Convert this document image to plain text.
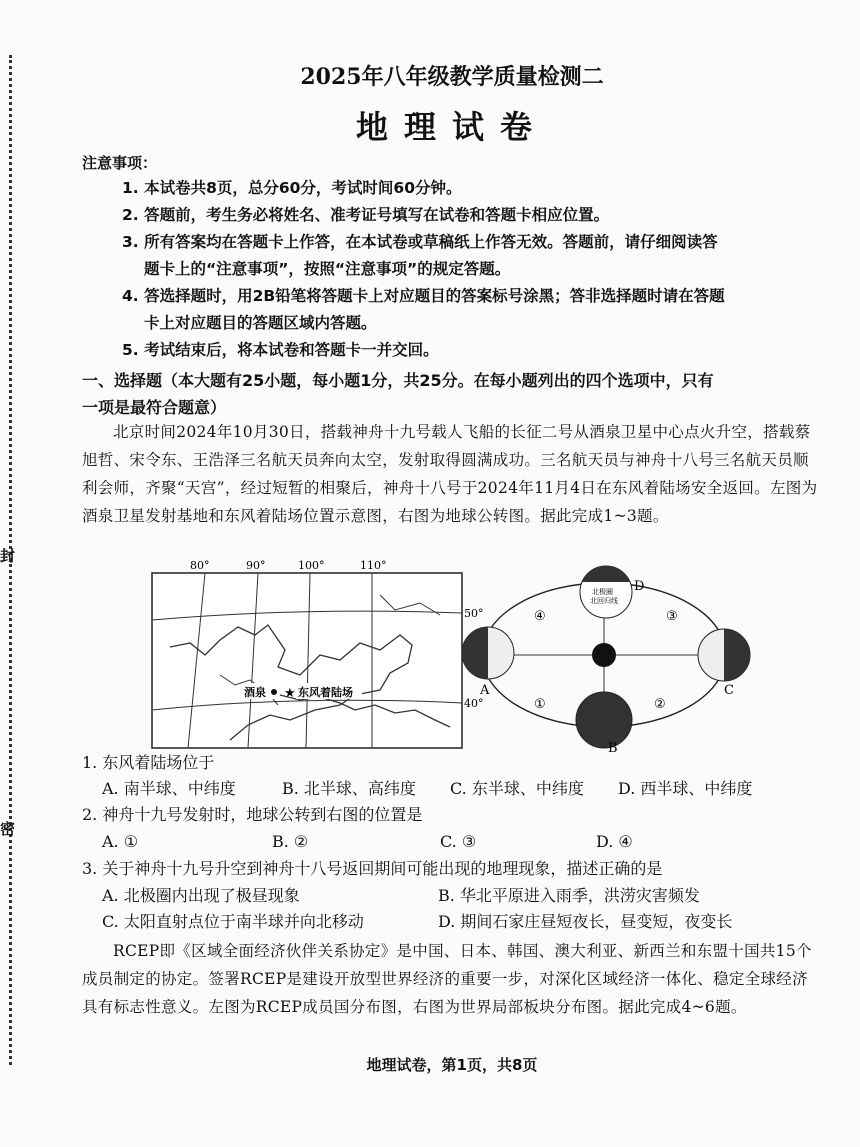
封
密
2025年八年级教学质量检测二
地理试卷
注意事项：
1. 本试卷共8页，总分60分，考试时间60分钟。
2. 答题前，考生务必将姓名、准考证号填写在试卷和答题卡相应位置。
3. 所有答案均在答题卡上作答，在本试卷或草稿纸上作答无效。答题前，请仔细阅读答
题卡上的“注意事项”，按照“注意事项”的规定答题。
4. 答选择题时，用2B铅笔将答题卡上对应题目的答案标号涂黑；答非选择题时请在答题
卡上对应题目的答题区域内答题。
5. 考试结束后，将本试卷和答题卡一并交回。
一、选择题（本大题有25小题，每小题1分，共25分。在每小题列出的四个选项中，只有
一项是最符合题意）
北京时间2024年10月30日，搭载神舟十九号载人飞船的长征二号从酒泉卫星中心点火升空，搭载蔡旭哲、宋令东、王浩泽三名航天员奔向太空，发射取得圆满成功。三名航天员与神舟十八号三名航天员顺利会师，齐聚“天宫”，经过短暂的相聚后，神舟十八号于2024年11月4日在东风着陆场安全返回。左图为酒泉卫星发射基地和东风着陆场位置示意图，右图为地球公转图。据此完成1~3题。
80°	90°	100°	110°
50°
40°
酒泉 ★ 东风着陆场
北极圈
北回归线
A
B
C
D
①	②
③
④
1. 东风着陆场位于
A. 南半球、中纬度	B. 北半球、高纬度 C. 东半球、中纬度 D. 西半球、中纬度
2. 神舟十九号发射时，地球公转到右图的位置是
A. ①	B. ②	C. ③	D. ④
3. 关于神舟十九号升空到神舟十八号返回期间可能出现的地理现象，描述正确的是
A. 北极圈内出现了极昼现象	B. 华北平原进入雨季，洪涝灾害频发
C. 太阳直射点位于南半球并向北移动	D. 期间石家庄昼短夜长，昼变短，夜变长
RCEP即《区域全面经济伙伴关系协定》是中国、日本、韩国、澳大利亚、新西兰和东盟十国共15个成员制定的协定。签署RCEP是建设开放型世界经济的重要一步，对深化区域经济一体化、稳定全球经济具有标志性意义。左图为RCEP成员国分布图，右图为世界局部板块分布图。据此完成4~6题。
地理试卷，第1页，共8页
